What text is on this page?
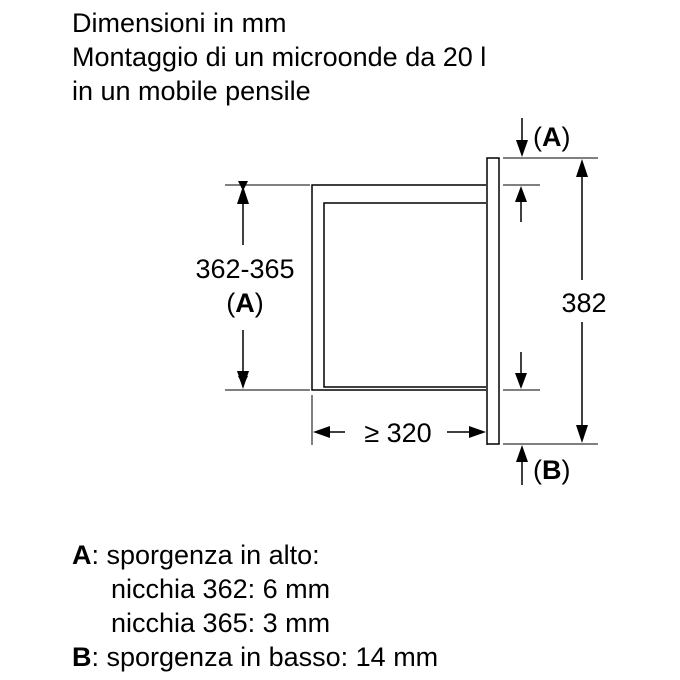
Dimensioni in mm
Montaggio di un microonde da 20 l
in un mobile pensile
362-365
(A)	382
(A)
(B)
≥ 320
A: sporgenza in alto:
nicchia 362: 6 mm
nicchia 365: 3 mm
B: sporgenza in basso: 14 mm
